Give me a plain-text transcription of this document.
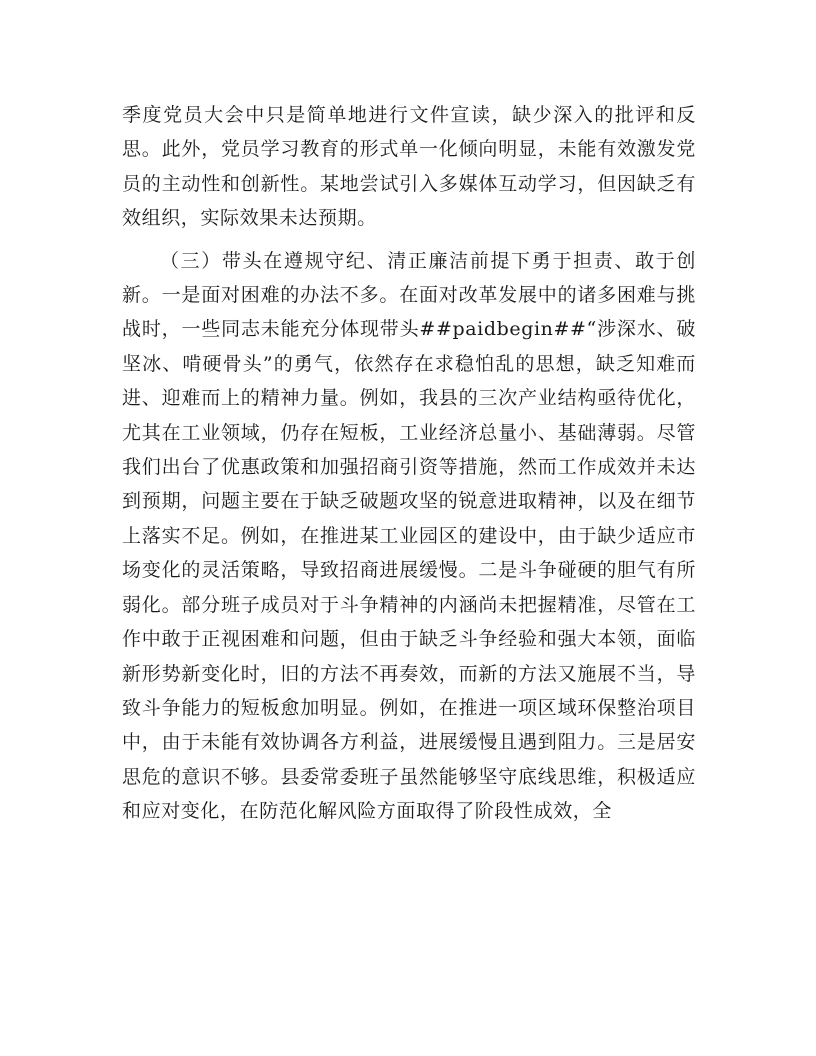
季度党员大会中只是简单地进行文件宣读，缺少深入的批评和反思。此外，党员学习教育的形式单一化倾向明显，未能有效激发党员的主动性和创新性。某地尝试引入多媒体互动学习，但因缺乏有效组织，实际效果未达预期。

（三）带头在遵规守纪、清正廉洁前提下勇于担责、敢于创新。一是面对困难的办法不多。在面对改革发展中的诸多困难与挑战时，一些同志未能充分体现带头##paidbegin##“涉深水、破坚冰、啃硬骨头”的勇气，依然存在求稳怕乱的思想，缺乏知难而进、迎难而上的精神力量。例如，我县的三次产业结构亟待优化，尤其在工业领域，仍存在短板，工业经济总量小、基础薄弱。尽管我们出台了优惠政策和加强招商引资等措施，然而工作成效并未达到预期，问题主要在于缺乏破题攻坚的锐意进取精神，以及在细节上落实不足。例如，在推进某工业园区的建设中，由于缺少适应市场变化的灵活策略，导致招商进展缓慢。二是斗争碰硬的胆气有所弱化。部分班子成员对于斗争精神的内涵尚未把握精准，尽管在工作中敢于正视困难和问题，但由于缺乏斗争经验和强大本领，面临新形势新变化时，旧的方法不再奏效，而新的方法又施展不当，导致斗争能力的短板愈加明显。例如，在推进一项区域环保整治项目中，由于未能有效协调各方利益，进展缓慢且遇到阻力。三是居安思危的意识不够。县委常委班子虽然能够坚守底线思维，积极适应和应对变化，在防范化解风险方面取得了阶段性成效，全
